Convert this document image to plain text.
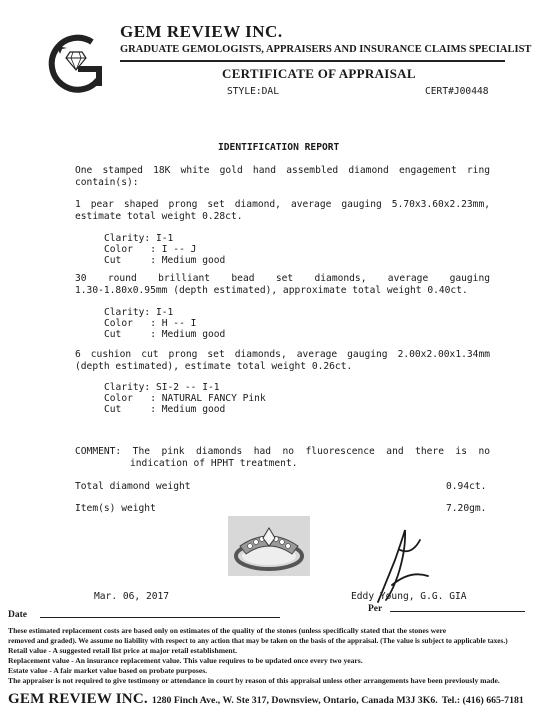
GEM REVIEW INC.
GRADUATE GEMOLOGISTS, APPRAISERS AND INSURANCE CLAIMS SPECIALIST
CERTIFICATE OF APPRAISAL
STYLE:DAL	CERT#J00448
IDENTIFICATION REPORT
One stamped 18K white gold hand assembled diamond engagement ring
contain(s):
1 pear shaped prong set diamond, average gauging 5.70x3.60x2.23mm,
estimate total weight 0.28ct.
Clarity: I-1
Color   : I -- J
Cut     : Medium good
30 round brilliant bead set diamonds, average gauging
1.30-1.80x0.95mm (depth estimated), approximate total weight 0.40ct.
Clarity: I-1
Color   : H -- I
Cut     : Medium good
6 cushion cut prong set diamonds, average gauging 2.00x2.00x1.34mm
(depth estimated), estimate total weight 0.26ct.
Clarity: SI-2 -- I-1
Color   : NATURAL FANCY Pink
Cut     : Medium good
COMMENT: The pink diamonds had no fluorescence and there is no
indication of HPHT treatment.
Total diamond weight	0.94ct.
Item(s) weight	7.20gm.
Mar. 06, 2017	Eddy Young, G.G. GIA
Date
Per
These estimated replacement costs are based only on estimates of the quality of the stones (unless specifically stated that the stones were
removed and graded). We assume no liability with respect to any action that may be taken on the basis of the appraisal. (The value is subject to applicable taxes.)
Retail value - A suggested retail list price at major retail establishment.
Replacement value - An insurance replacement value. This value requires to be updated once every two years.
Estate value - A fair market value based on probate purposes.
The appraiser is not required to give testimony or attendance in court by reason of this appraisal unless other arrangements have been previously made.
GEM REVIEW INC. 1280 Finch Ave., W. Ste 317, Downsview, Ontario, Canada M3J 3K6. Tel.: (416) 665-7181
